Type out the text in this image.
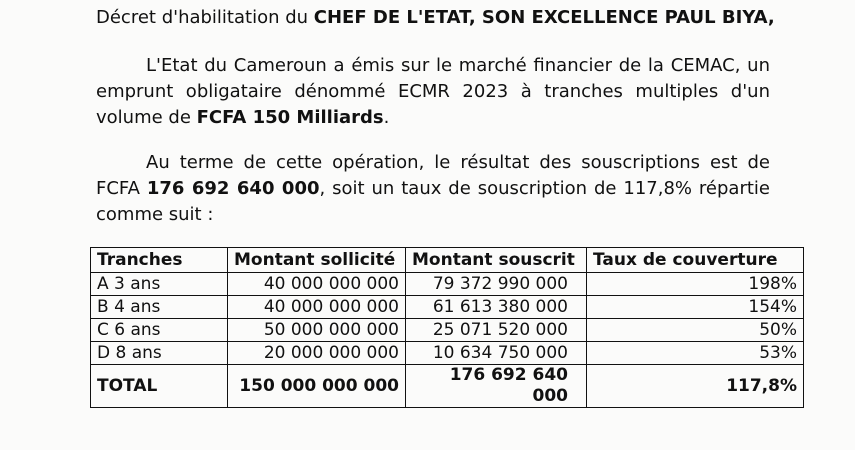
Décret d'habilitation du CHEF DE L'ETAT, SON EXCELLENCE PAUL BIYA,

L'Etat du Cameroun a émis sur le marché financier de la CEMAC, un

emprunt obligataire dénommé ECMR 2023 à tranches multiples d'un

volume de FCFA 150 Milliards.

Au terme de cette opération, le résultat des souscriptions est de

FCFA 176 692 640 000, soit un taux de souscription de 117,8% répartie

comme suit :

Tranches	Montant sollicité	Montant souscrit	Taux de couverture
A 3 ans	40 000 000 000	79 372 990 000	198%
B 4 ans	40 000 000 000	61 613 380 000	154%
C 6 ans	50 000 000 000	25 071 520 000	50%
D 8 ans	20 000 000 000	10 634 750 000	53%
TOTAL	150 000 000 000	176 692 640 000	117,8%
